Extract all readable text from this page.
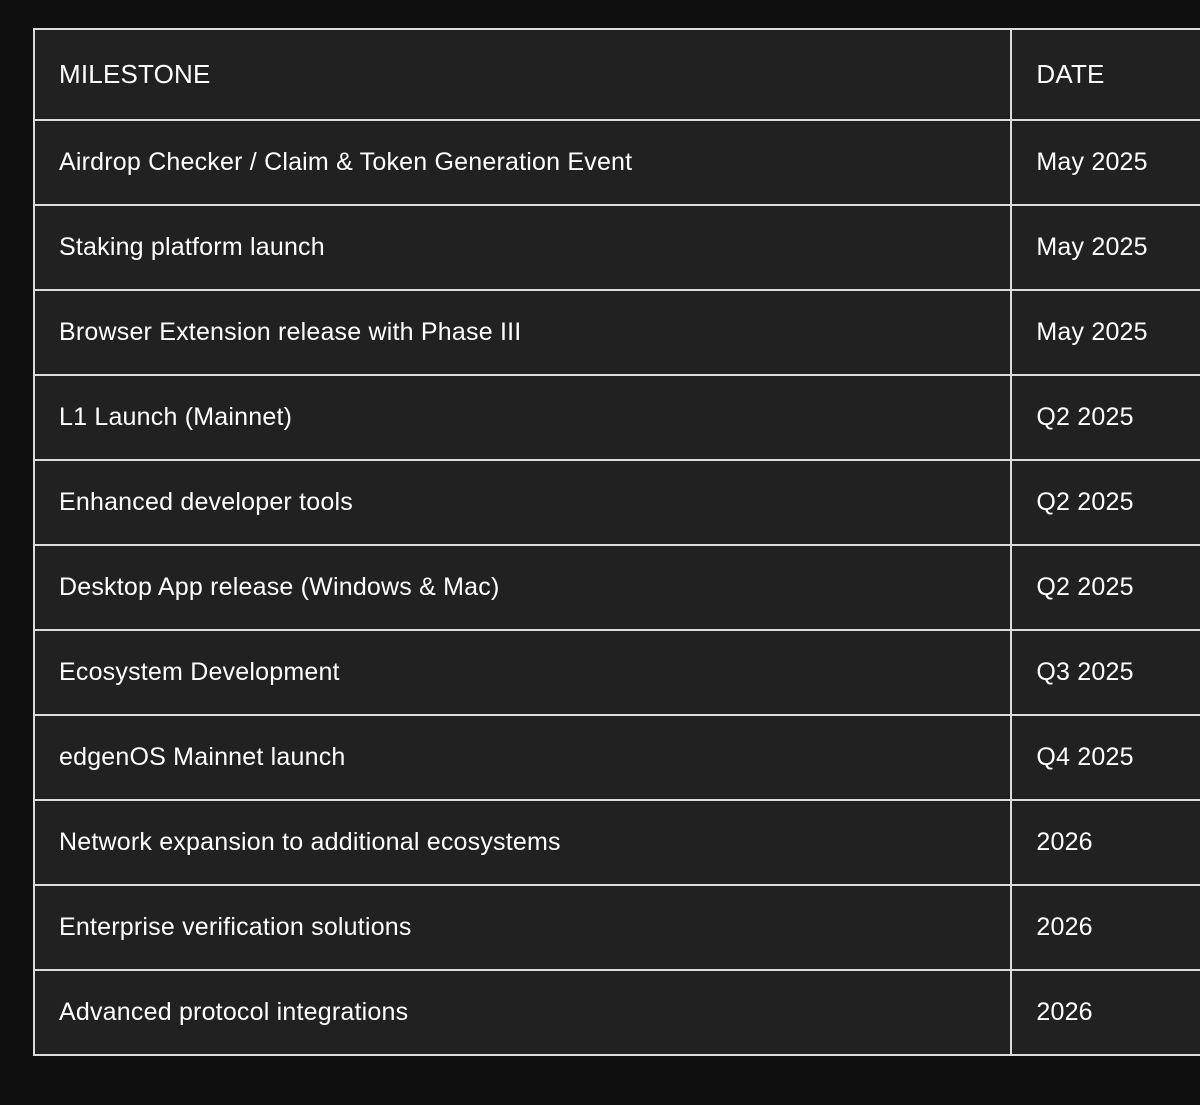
MILESTONE	DATE
Airdrop Checker / Claim & Token Generation Event	May 2025
Staking platform launch	May 2025
Browser Extension release with Phase III	May 2025
L1 Launch (Mainnet)	Q2 2025
Enhanced developer tools	Q2 2025
Desktop App release (Windows & Mac)	Q2 2025
Ecosystem Development	Q3 2025
edgenOS Mainnet launch	Q4 2025
Network expansion to additional ecosystems	2026
Enterprise verification solutions	2026
Advanced protocol integrations	2026
